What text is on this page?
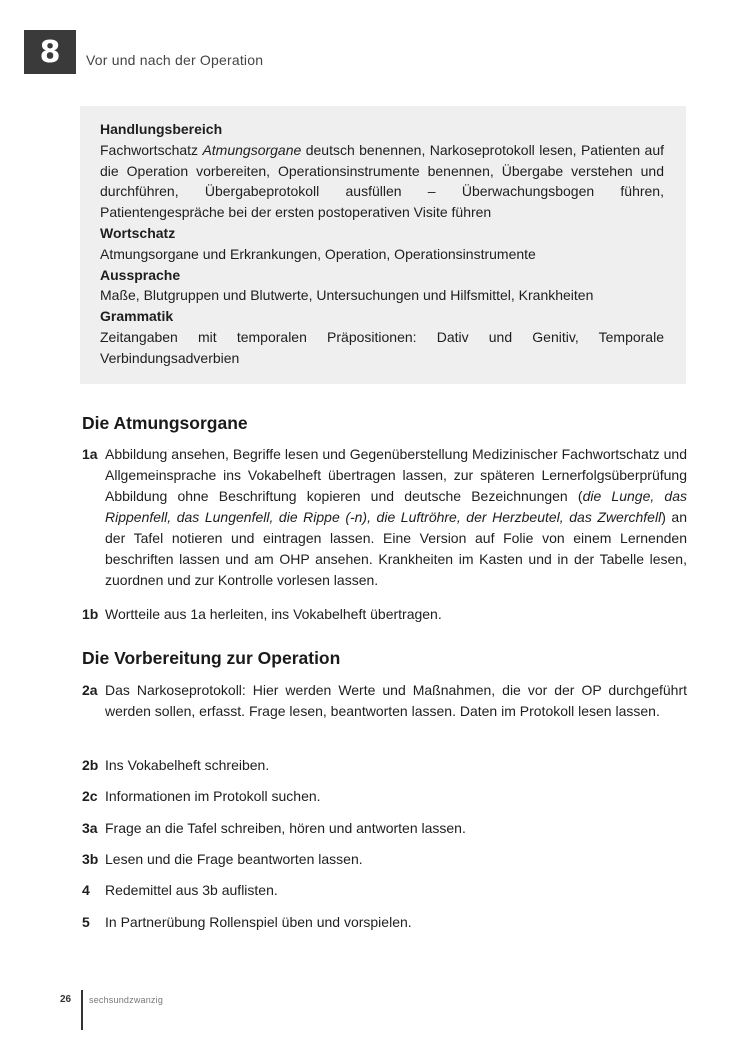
8	Vor und nach der Operation

Handlungsbereich

Fachwortschatz Atmungsorgane deutsch benennen, Narkoseprotokoll lesen, Patienten auf die Operation vorbereiten, Operationsinstrumente benennen, Übergabe verstehen und durchführen, Übergabeprotokoll ausfüllen – Überwachungsbogen führen, Patientengespräche bei der ersten postoperativen Visite führen

Wortschatz

Atmungsorgane und Erkrankungen, Operation, Operationsinstrumente

Aussprache

Maße, Blutgruppen und Blutwerte, Untersuchungen und Hilfsmittel, Krankheiten

Grammatik

Zeitangaben mit temporalen Präpositionen: Dativ und Genitiv, Temporale Verbindungsadverbien

Die Atmungsorgane
1a Abbildung ansehen, Begriffe lesen und Gegenüberstellung Medizinischer Fachwortschatz und Allgemeinsprache ins Vokabelheft übertragen lassen, zur späteren Lernerfolgsüberprüfung Abbildung ohne Beschriftung kopieren und deutsche Bezeichnungen (die Lunge, das Rippenfell, das Lungenfell, die Rippe (-n), die Luftröhre, der Herzbeutel, das Zwerchfell) an der Tafel notieren und eintragen lassen. Eine Version auf Folie von einem Lernenden beschriften lassen und am OHP ansehen. Krankheiten im Kasten und in der Tabelle lesen, zuordnen und zur Kontrolle vorlesen lassen.
1b Wortteile aus 1a herleiten, ins Vokabelheft übertragen.
Die Vorbereitung zur Operation
2a Das Narkoseprotokoll: Hier werden Werte und Maßnahmen, die vor der OP durchgeführt werden sollen, erfasst. Frage lesen, beantworten lassen. Daten im Protokoll lesen lassen.
2b Ins Vokabelheft schreiben.
2c Informationen im Protokoll suchen.
3a Frage an die Tafel schreiben, hören und antworten lassen.
3b Lesen und die Frage beantworten lassen.
4 Redemittel aus 3b auflisten.
5 In Partnerübung Rollenspiel üben und vorspielen.
26 sechsundzwanzig
